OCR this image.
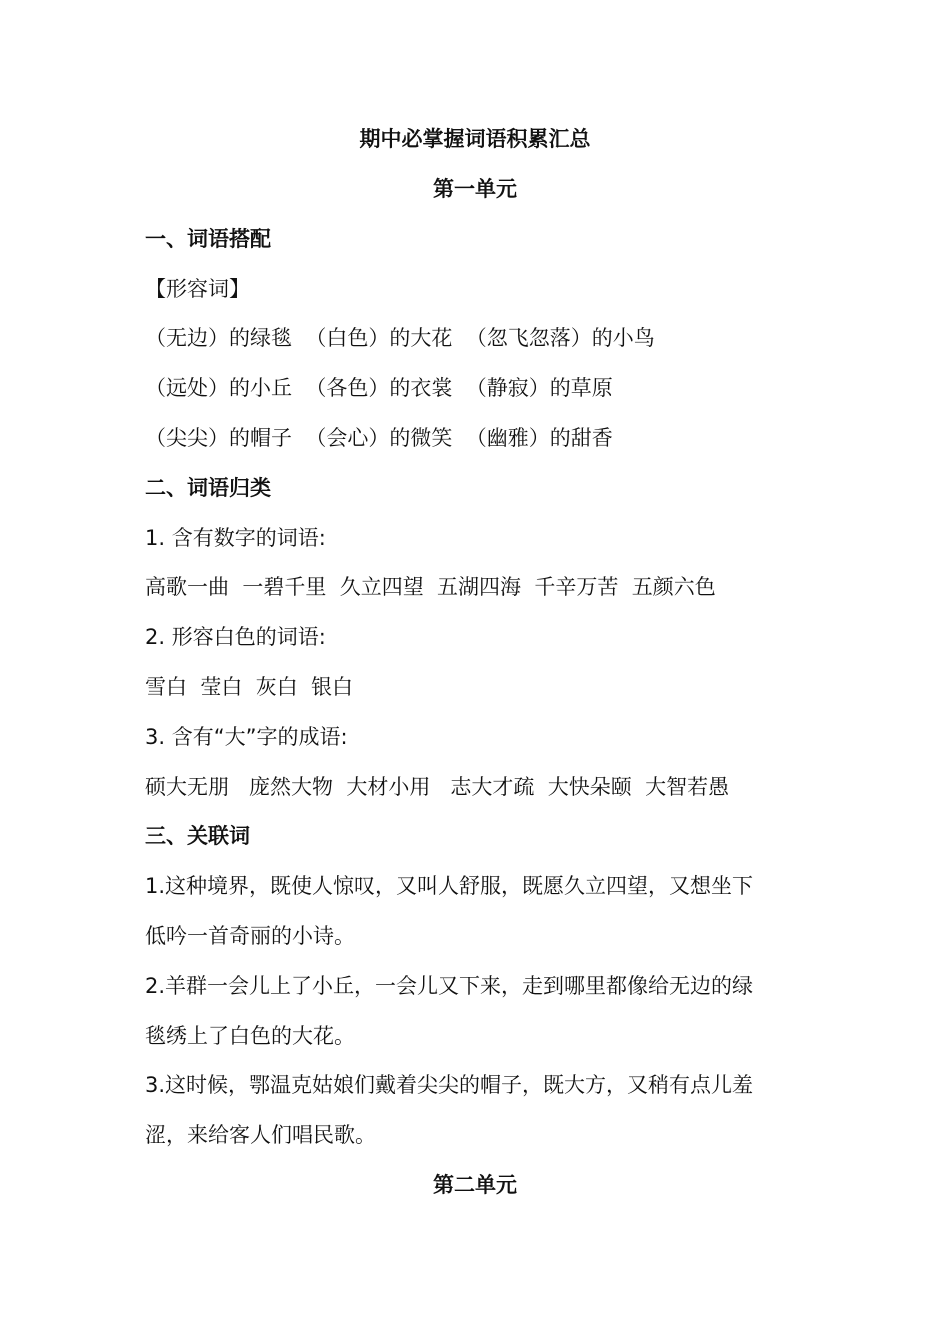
期中必掌握词语积累汇总
第一单元
一、词语搭配
【形容词】
（无边）的绿毯  （白色）的大花  （忽飞忽落）的小鸟
（远处）的小丘  （各色）的衣裳  （静寂）的草原
（尖尖）的帽子  （会心）的微笑  （幽雅）的甜香
二、词语归类
1. 含有数字的词语:
高歌一曲  一碧千里  久立四望  五湖四海  千辛万苦  五颜六色
2. 形容白色的词语:
雪白  莹白  灰白  银白
3. 含有“大”字的成语:
硕大无朋   庞然大物  大材小用   志大才疏  大快朵颐  大智若愚
三、关联词
1.这种境界，既使人惊叹，又叫人舒服，既愿久立四望，又想坐下
低吟一首奇丽的小诗。
2.羊群一会儿上了小丘，一会儿又下来，走到哪里都像给无边的绿
毯绣上了白色的大花。
3.这时候，鄂温克姑娘们戴着尖尖的帽子，既大方，又稍有点儿羞
涩，来给客人们唱民歌。
第二单元
